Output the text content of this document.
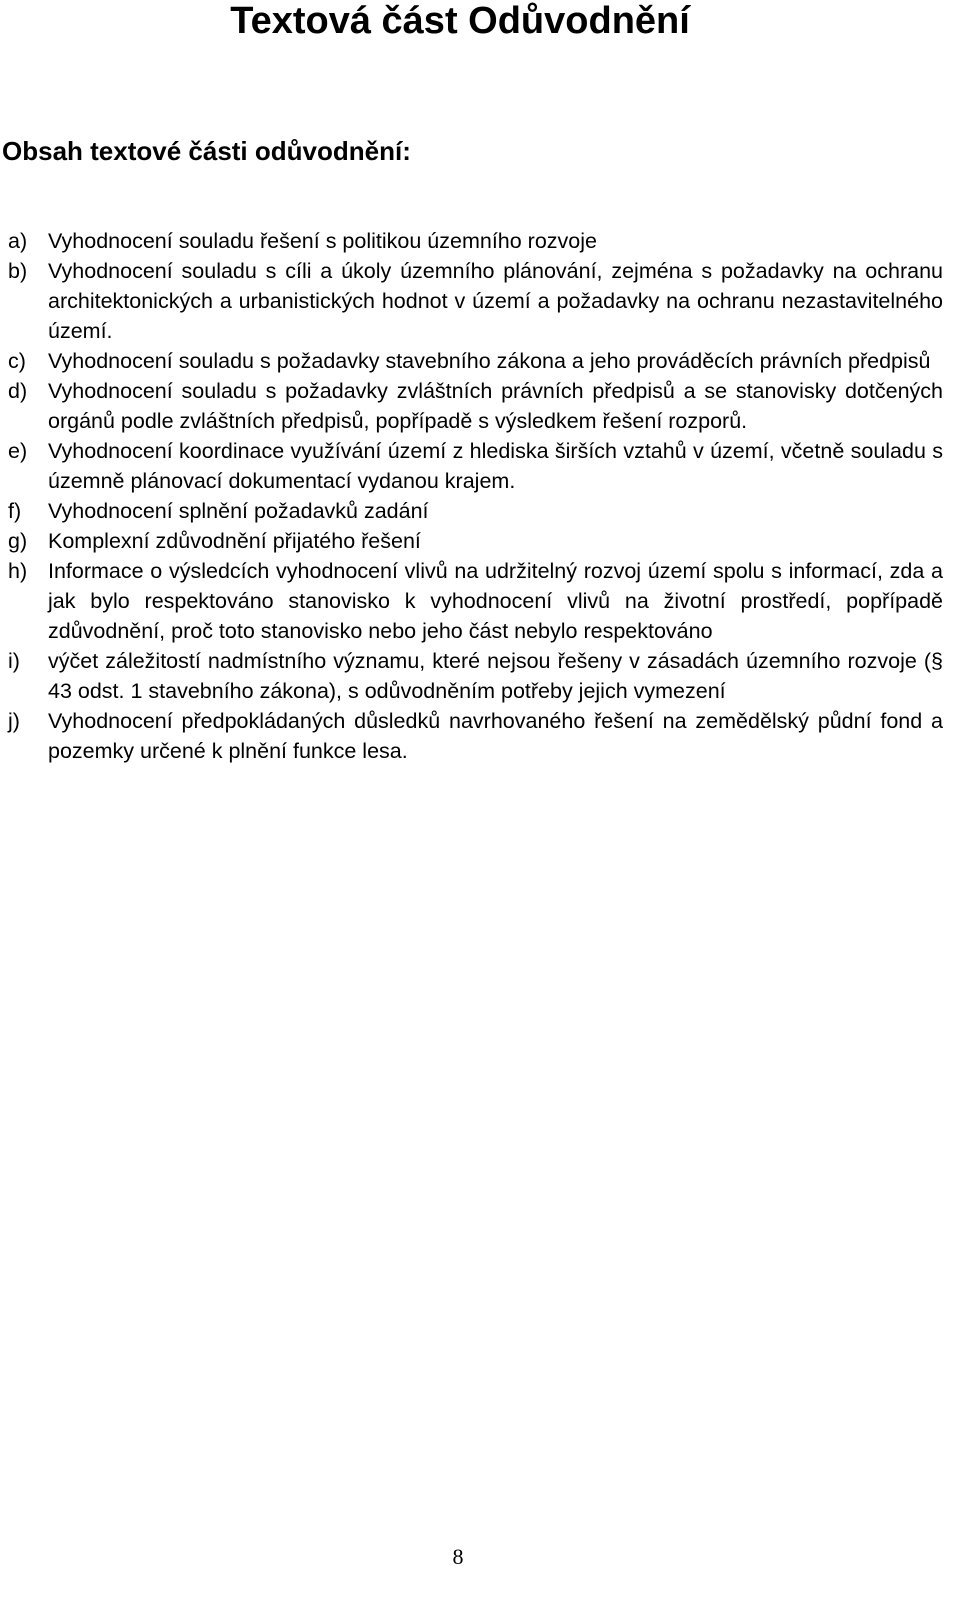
Textová část Odůvodnění
Obsah textové části odůvodnění:
a) Vyhodnocení souladu řešení s politikou územního rozvoje
b) Vyhodnocení souladu s cíli a úkoly územního plánování, zejména s požadavky na ochranu architektonických a urbanistických hodnot v území a požadavky na ochranu nezastavitelného území.
c)	Vyhodnocení souladu s požadavky stavebního zákona a jeho prováděcích právních předpisů
d) Vyhodnocení souladu s požadavky zvláštních právních předpisů a se stanovisky dotčených orgánů podle zvláštních předpisů, popřípadě s výsledkem řešení rozporů.
e) Vyhodnocení koordinace využívání území z hlediska širších vztahů v území, včetně souladu s územně plánovací dokumentací vydanou krajem.
f)	Vyhodnocení splnění požadavků zadání
g) Komplexní zdůvodnění přijatého řešení
h) Informace o výsledcích vyhodnocení vlivů na udržitelný rozvoj území spolu s informací, zda a jak bylo respektováno stanovisko k vyhodnocení vlivů na životní prostředí, popřípadě zdůvodnění, proč toto stanovisko nebo jeho část nebylo respektováno
i)	výčet záležitostí nadmístního významu, které nejsou řešeny v zásadách územního rozvoje (§ 43 odst. 1 stavebního zákona), s odůvodněním potřeby jejich vymezení
j)	Vyhodnocení předpokládaných důsledků navrhovaného řešení na zemědělský půdní fond a pozemky určené k plnění funkce lesa.
8
